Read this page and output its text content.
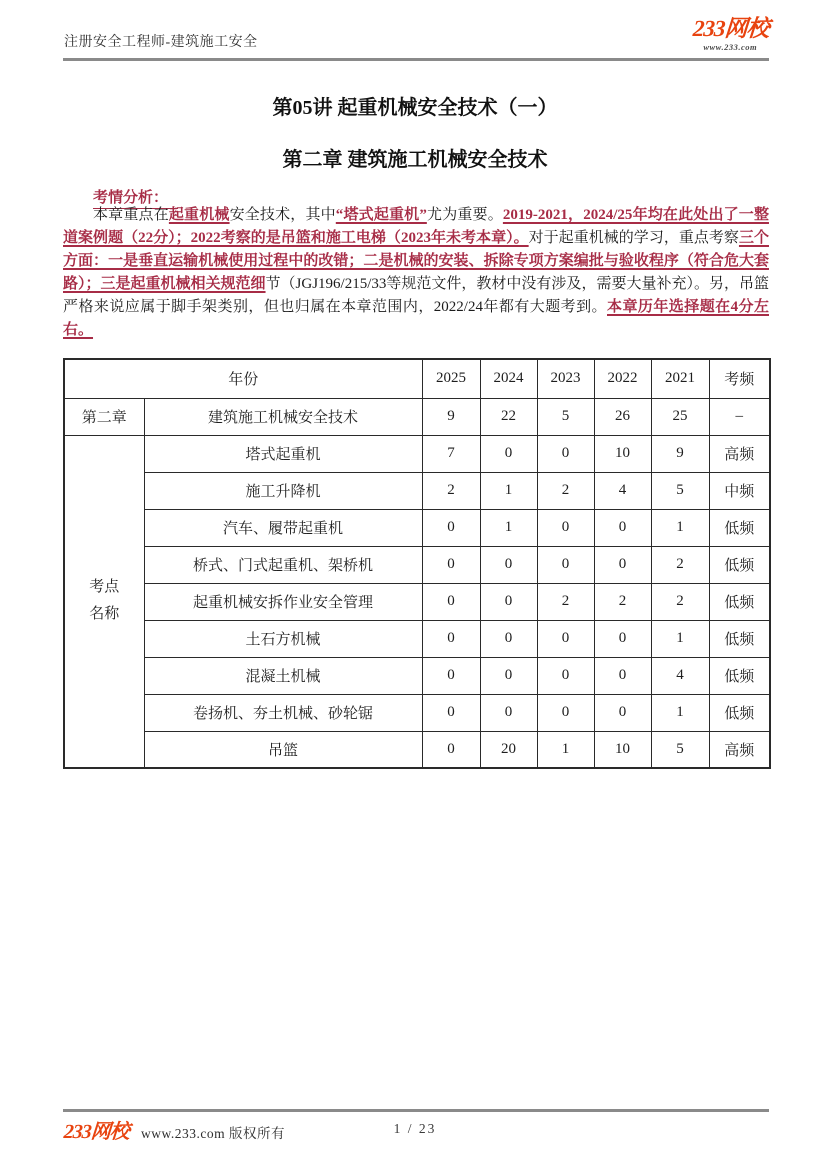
注册安全工程师-建筑施工安全
233网校
www.233.com
第05讲 起重机械安全技术（一）
第二章 建筑施工机械安全技术
考情分析：

本章重点在起重机械安全技术，其中“塔式起重机”尤为重要。2019-2021，2024/25年均在此处出了一整道案例题（22分）；2022考察的是吊篮和施工电梯（2023年未考本章）。对于起重机械的学习，重点考察三个方面：一是垂直运输机械使用过程中的改错；二是机械的安装、拆除专项方案编批与验收程序（符合危大套路）；三是起重机械相关规范细节（JGJ196/215/33等规范文件，教材中没有涉及，需要大量补充）。另，吊篮严格来说应属于脚手架类别，但也归属在本章范围内，2022/24年都有大题考到。本章历年选择题在4分左右。

年份		2025	2024	2023	2022	2021	考频
第二章	建筑施工机械安全技术	9	22	5	26	25	–
考点名称	塔式起重机	7	0	0	10	9	高频
	施工升降机	2	1	2	4	5	中频
	汽车、履带起重机	0	1	0	0	1	低频
	桥式、门式起重机、架桥机	0	0	0	0	2	低频
	起重机械安拆作业安全管理	0	0	2	2	2	低频
	土石方机械	0	0	0	0	1	低频
	混凝土机械	0	0	0	0	4	低频
	卷扬机、夯土机械、砂轮锯	0	0	0	0	1	低频
	吊篮	0	20	1	10	5	高频
233网校 www.233.com 版权所有	1 / 23
